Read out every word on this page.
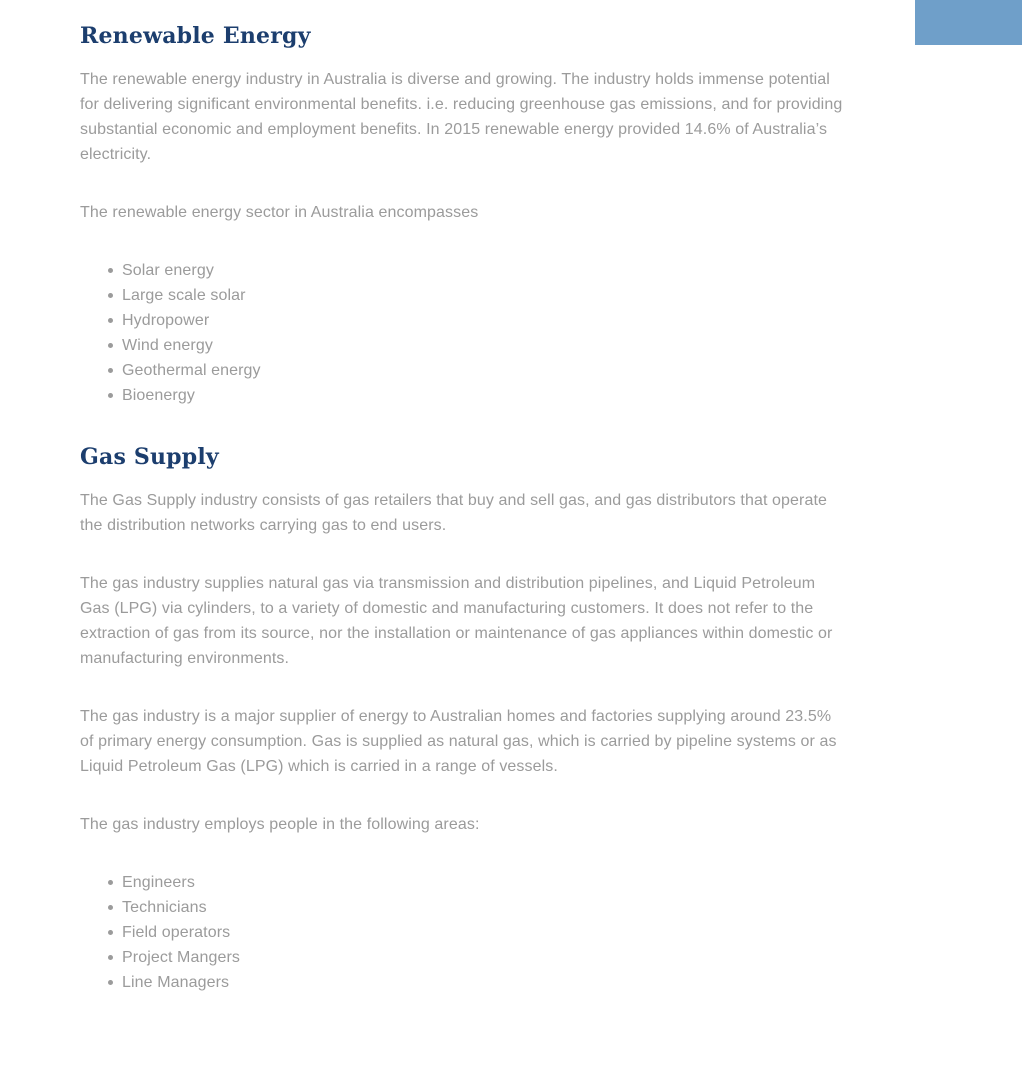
Renewable Energy

The renewable energy industry in Australia is diverse and growing. The industry holds immense potential for delivering significant environmental benefits. i.e. reducing greenhouse gas emissions, and for providing substantial economic and employment benefits. In 2015 renewable energy provided 14.6% of Australia’s electricity.

The renewable energy sector in Australia encompasses

Solar energy
Large scale solar
Hydropower
Wind energy
Geothermal energy
Bioenergy
Gas Supply

The Gas Supply industry consists of gas retailers that buy and sell gas, and gas distributors that operate the distribution networks carrying gas to end users.

The gas industry supplies natural gas via transmission and distribution pipelines, and Liquid Petroleum Gas (LPG) via cylinders, to a variety of domestic and manufacturing customers. It does not refer to the extraction of gas from its source, nor the installation or maintenance of gas appliances within domestic or manufacturing environments.

The gas industry is a major supplier of energy to Australian homes and factories supplying around 23.5% of primary energy consumption. Gas is supplied as natural gas, which is carried by pipeline systems or as Liquid Petroleum Gas (LPG) which is carried in a range of vessels.

The gas industry employs people in the following areas:

Engineers
Technicians
Field operators
Project Mangers
Line Managers
